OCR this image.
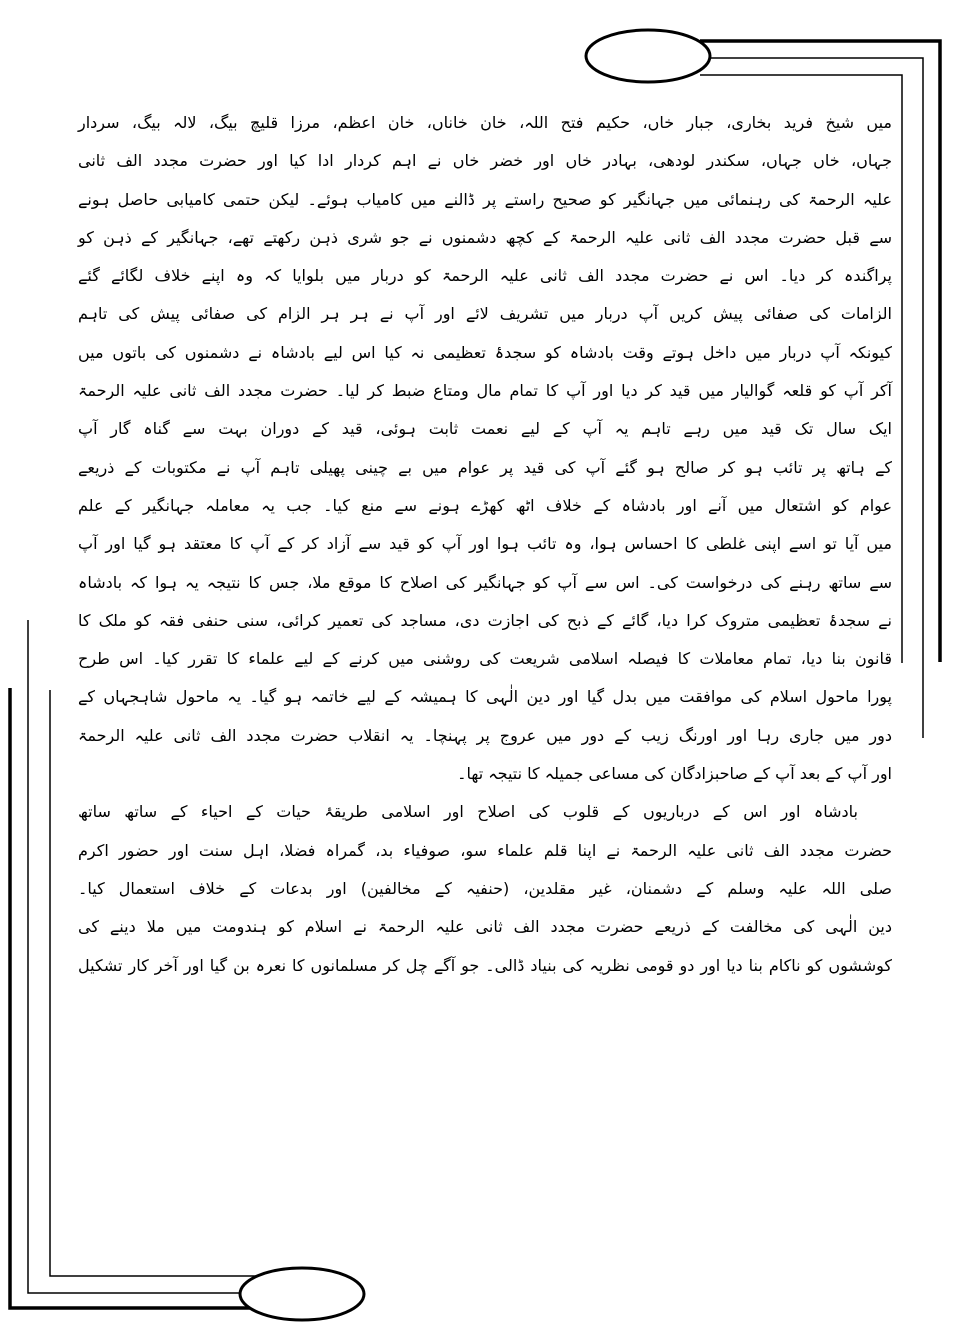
میں شیخ فرید بخاری، جبار خاں، حکیم فتح اللہ، خان خاناں، خان اعظم، مرزا قلیچ بیگ، لالہ بیگ، سردار
جہاں، خاں جہاں، سکندر لودھی، بہادر خاں اور خضر خاں نے اہم کردار ادا کیا اور حضرت مجدد الف ثانی
علیہ الرحمۃ کی رہنمائی میں جہانگیر کو صحیح راستے پر ڈالنے میں کامیاب ہوئے۔ لیکن حتمی کامیابی حاصل ہونے
سے قبل حضرت مجدد الف ثانی علیہ الرحمۃ کے کچھ دشمنوں نے جو شری ذہن رکھتے تھے، جہانگیر کے ذہن کو
پراگندہ کر دیا۔ اس نے حضرت مجدد الف ثانی علیہ الرحمۃ کو دربار میں بلوایا کہ وہ اپنے خلاف لگائے گئے
الزامات کی صفائی پیش کریں آپ دربار میں تشریف لائے اور آپ نے ہر ہر الزام کی صفائی پیش کی تاہم
کیونکہ آپ دربار میں داخل ہوتے وقت بادشاہ کو سجدۂ تعظیمی نہ کیا اس لیے بادشاہ نے دشمنوں کی باتوں میں
آکر آپ کو قلعہ گوالیار میں قید کر دیا اور آپ کا تمام مال ومتاع ضبط کر لیا۔ حضرت مجدد الف ثانی علیہ الرحمۃ
ایک سال تک قید میں رہے تاہم یہ آپ کے لیے نعمت ثابت ہوئی، قید کے دوران بہت سے گناہ گار آپ
کے ہاتھ پر تائب ہو کر صالح ہو گئے آپ کی قید پر عوام میں بے چینی پھیلی تاہم آپ نے مکتوبات کے ذریعے
عوام کو اشتعال میں آنے اور بادشاہ کے خلاف اٹھ کھڑے ہونے سے منع کیا۔ جب یہ معاملہ جہانگیر کے علم
میں آیا تو اسے اپنی غلطی کا احساس ہوا، وہ تائب ہوا اور آپ کو قید سے آزاد کر کے آپ کا معتقد ہو گیا اور آپ
سے ساتھ رہنے کی درخواست کی۔ اس سے آپ کو جہانگیر کی اصلاح کا موقع ملا، جس کا نتیجہ یہ ہوا کہ بادشاہ
نے سجدۂ تعظیمی متروک کرا دیا، گائے کے ذبح کی اجازت دی، مساجد کی تعمیر کرائی، سنی حنفی فقہ کو ملک کا
قانون بنا دیا، تمام معاملات کا فیصلہ اسلامی شریعت کی روشنی میں کرنے کے لیے علماء کا تقرر کیا۔ اس طرح
پورا ماحول اسلام کی موافقت میں بدل گیا اور دین الٰہی کا ہمیشہ کے لیے خاتمہ ہو گیا۔ یہ ماحول شاہجہاں کے
دور میں جاری رہا اور اورنگ زیب کے دور میں عروج پر پہنچا۔ یہ انقلاب حضرت مجدد الف ثانی علیہ الرحمۃ
اور آپ کے بعد آپ کے صاحبزادگان کی مساعی جمیلہ کا نتیجہ تھا۔
بادشاہ اور اس کے درباریوں کے قلوب کی اصلاح اور اسلامی طریقۂ حیات کے احیاء کے ساتھ ساتھ
حضرت مجدد الف ثانی علیہ الرحمۃ نے اپنا قلم علماء سو، صوفیاء بد، گمراہ فضلا، اہل سنت اور حضور اکرم
صلی اللہ علیہ وسلم کے دشمنان، غیر مقلدین، (حنفیہ کے مخالفین) اور بدعات کے خلاف استعمال کیا۔
دین الٰہی کی مخالفت کے ذریعے حضرت مجدد الف ثانی علیہ الرحمۃ نے اسلام کو ہندومت میں ملا دینے کی
کوششوں کو ناکام بنا دیا اور دو قومی نظریہ کی بنیاد ڈالی۔ جو آگے چل کر مسلمانوں کا نعرہ بن گیا اور آخر کار تشکیل
